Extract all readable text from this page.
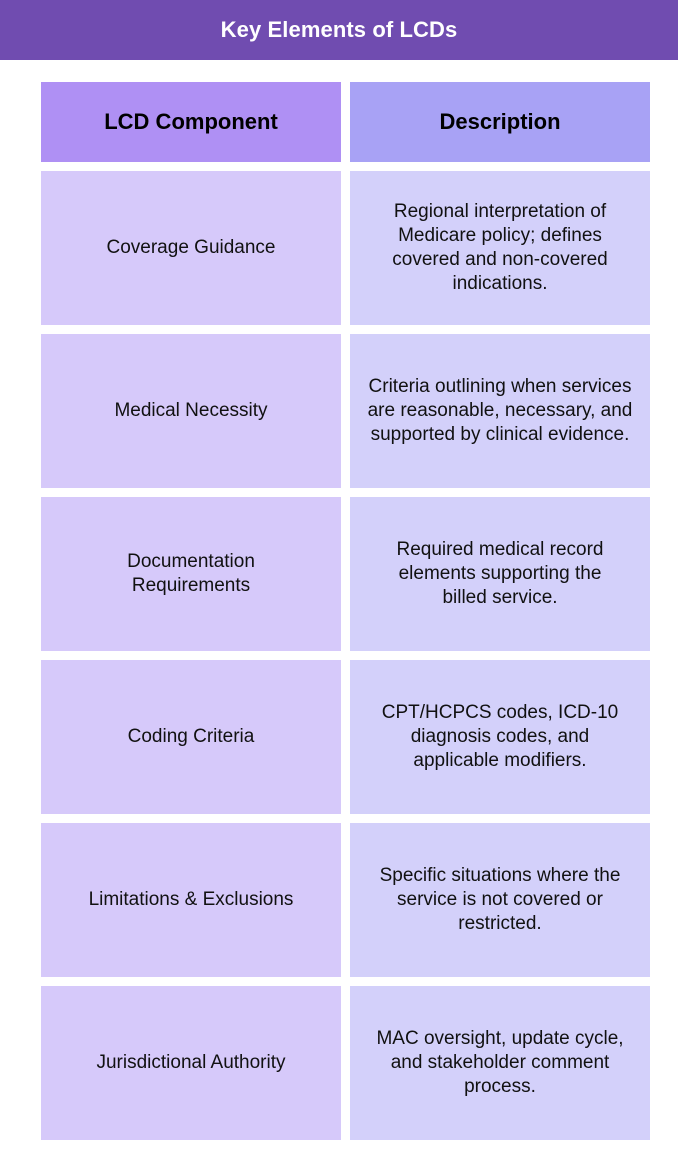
Key Elements of LCDs
LCD Component	Description
Coverage Guidance
Regional interpretation of Medicare policy; defines covered and non-covered indications.
Medical Necessity
Criteria outlining when services are reasonable, necessary, and supported by clinical evidence.
Documentation Requirements
Required medical record elements supporting the billed service.
Coding Criteria
CPT/HCPCS codes, ICD-10 diagnosis codes, and applicable modifiers.
Limitations & Exclusions
Specific situations where the service is not covered or restricted.
Jurisdictional Authority
MAC oversight, update cycle, and stakeholder comment process.
